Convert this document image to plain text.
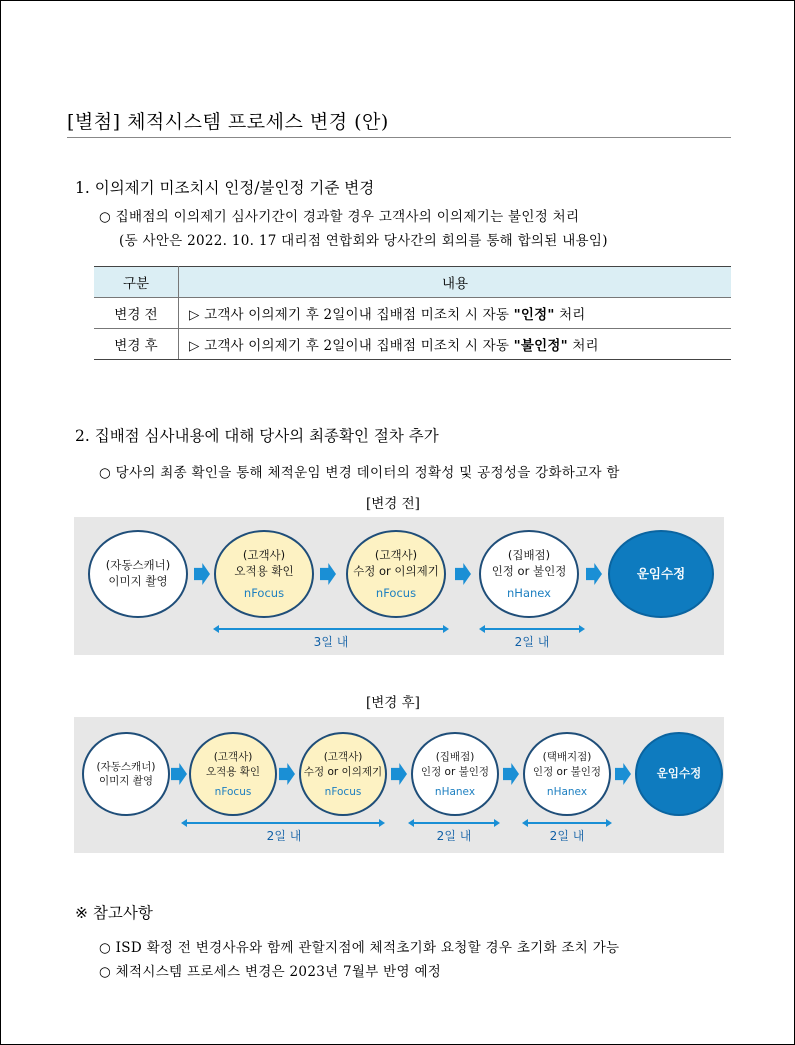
[별첨] 체적시스템 프로세스 변경 (안)
1. 이의제기 미조치시 인정/불인정 기준 변경
○ 집배점의 이의제기 심사기간이 경과할 경우 고객사의 이의제기는 불인정 처리
(동 사안은 2022. 10. 17 대리점 연합회와 당사간의 회의를 통해 합의된 내용임)
구분	내용
변경 전	▷ 고객사 이의제기 후 2일이내 집배점 미조치 시 자동 "인정" 처리
변경 후	▷ 고객사 이의제기 후 2일이내 집배점 미조치 시 자동 "불인정" 처리
2. 집배점 심사내용에 대해 당사의 최종확인 절차 추가
○ 당사의 최종 확인을 통해 체적운임 변경 데이터의 정확성 및 공정성을 강화하고자 함
[변경 전]
(자동스캐너)
이미지 촬영
(고객사)
오적용 확인
nFocus
(고객사)
수정 or 이의제기
nFocus
(집배점)
인정 or 불인정
nHanex
운임수정
3일 내	2일 내
[변경 후]
(자동스캐너)
이미지 촬영
(고객사)
오적용 확인
nFocus
(고객사)
수정 or 이의제기
nFocus
(집배점)
인정 or 불인정
nHanex
(택배지점)
인정 or 불인정
nHanex
운임수정
2일 내	2일 내	2일 내
※ 참고사항
○ ISD 확정 전 변경사유와 함께 관할지점에 체적초기화 요청할 경우 초기화 조치 가능
○ 체적시스템 프로세스 변경은 2023년 7월부 반영 예정
